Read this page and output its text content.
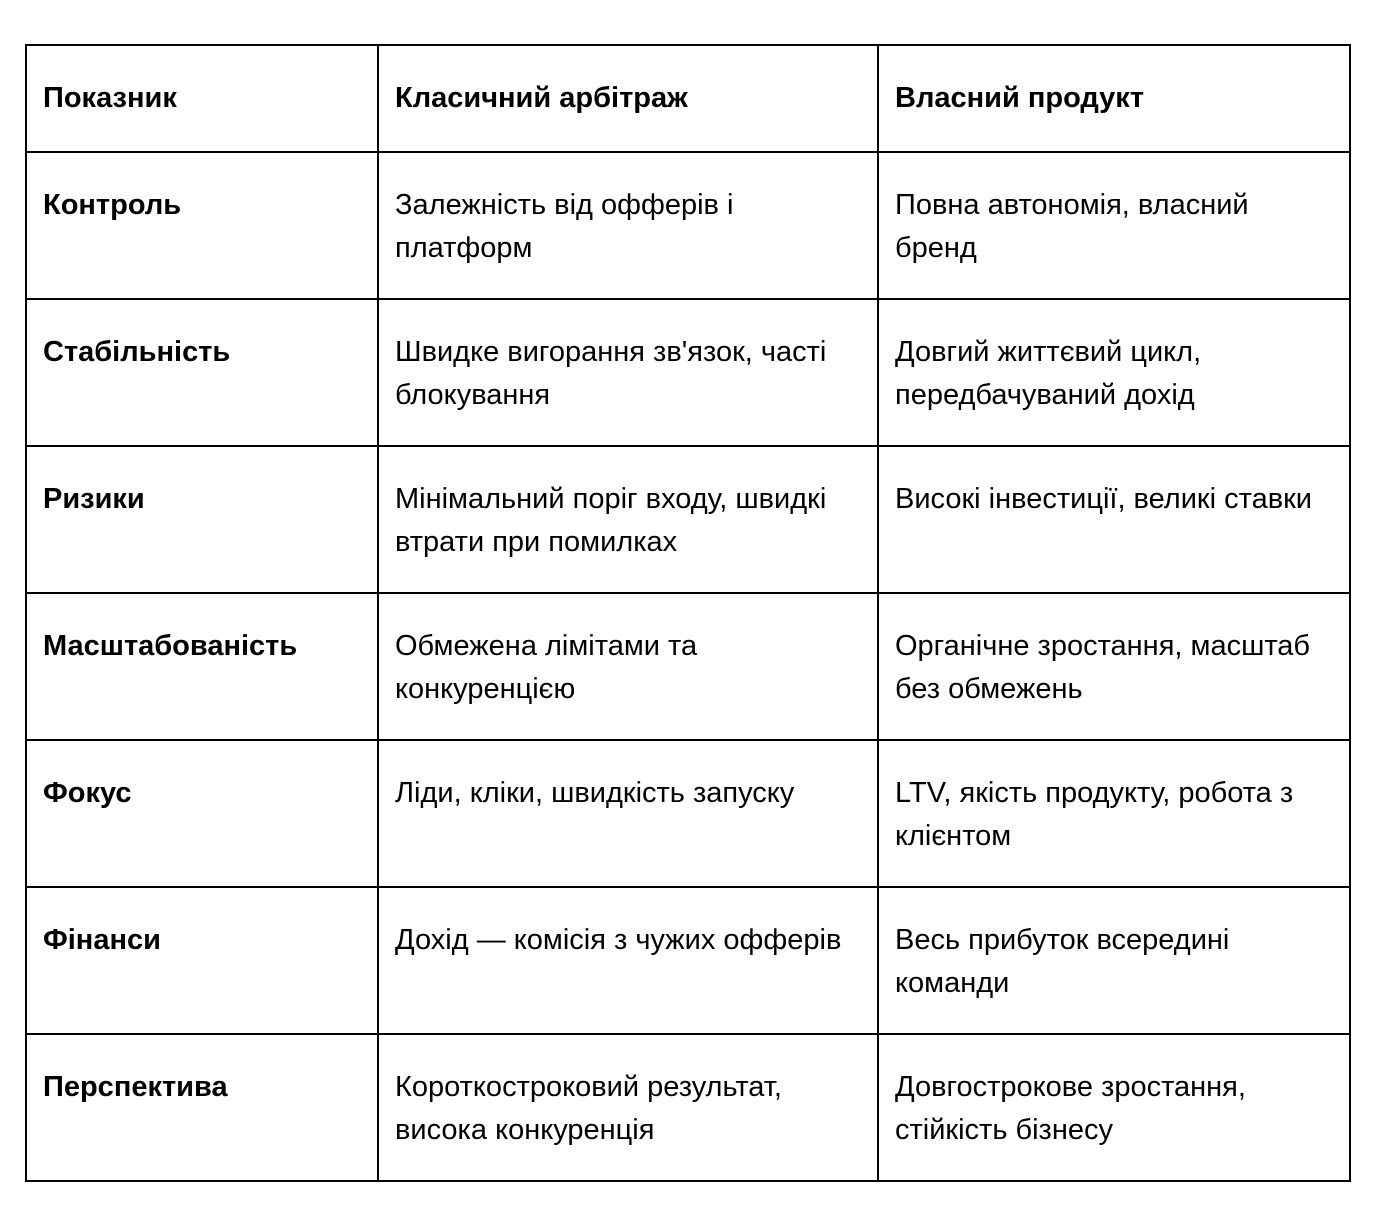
Показник	Класичний арбітраж	Власний продукт
Контроль	Залежність від офферів і платформ	Повна автономія, власний бренд
Стабільність	Швидке вигорання зв'язок, часті блокування	Довгий життєвий цикл, передбачуваний дохід
Ризики	Мінімальний поріг входу, швидкі втрати при помилках	Високі інвестиції, великі ставки
Масштабованість	Обмежена лімітами та конкуренцією	Органічне зростання, масштаб без обмежень
Фокус	Ліди, кліки, швидкість запуску	LTV, якість продукту, робота з клієнтом
Фінанси	Дохід — комісія з чужих офферів	Весь прибуток всередині команди
Перспектива	Короткостроковий результат, висока конкуренція	Довгострокове зростання, стійкість бізнесу
